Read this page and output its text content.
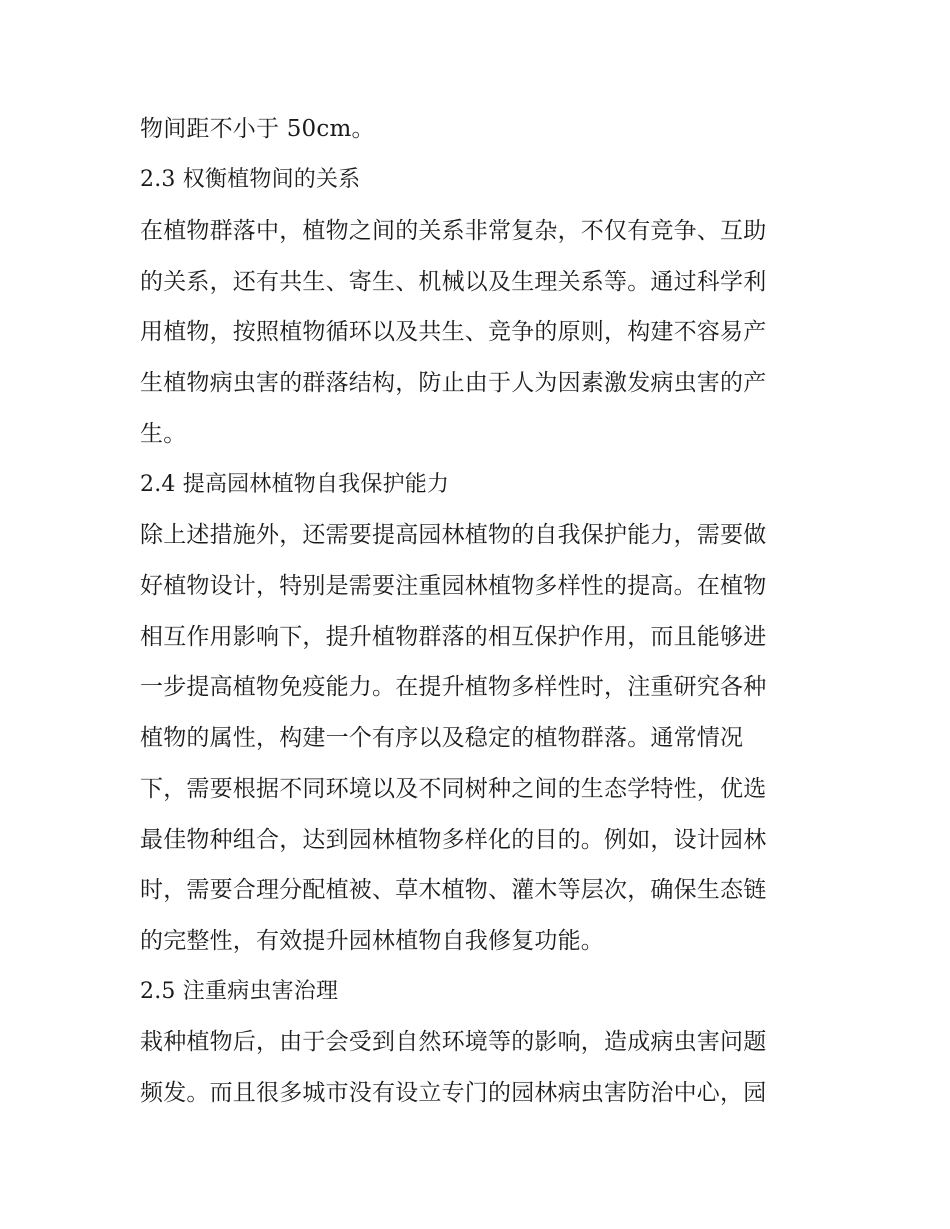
物间距不小于 50cm。
2.3 权衡植物间的关系
在植物群落中，植物之间的关系非常复杂，不仅有竞争、互助
的关系，还有共生、寄生、机械以及生理关系等。通过科学利
用植物，按照植物循环以及共生、竞争的原则，构建不容易产
生植物病虫害的群落结构，防止由于人为因素激发病虫害的产
生。
2.4 提高园林植物自我保护能力
除上述措施外，还需要提高园林植物的自我保护能力，需要做
好植物设计，特别是需要注重园林植物多样性的提高。在植物
相互作用影响下，提升植物群落的相互保护作用，而且能够进
一步提高植物免疫能力。在提升植物多样性时，注重研究各种
植物的属性，构建一个有序以及稳定的植物群落。通常情况
下，需要根据不同环境以及不同树种之间的生态学特性，优选
最佳物种组合，达到园林植物多样化的目的。例如，设计园林
时，需要合理分配植被、草木植物、灌木等层次，确保生态链
的完整性，有效提升园林植物自我修复功能。
2.5 注重病虫害治理
栽种植物后，由于会受到自然环境等的影响，造成病虫害问题
频发。而且很多城市没有设立专门的园林病虫害防治中心，园
